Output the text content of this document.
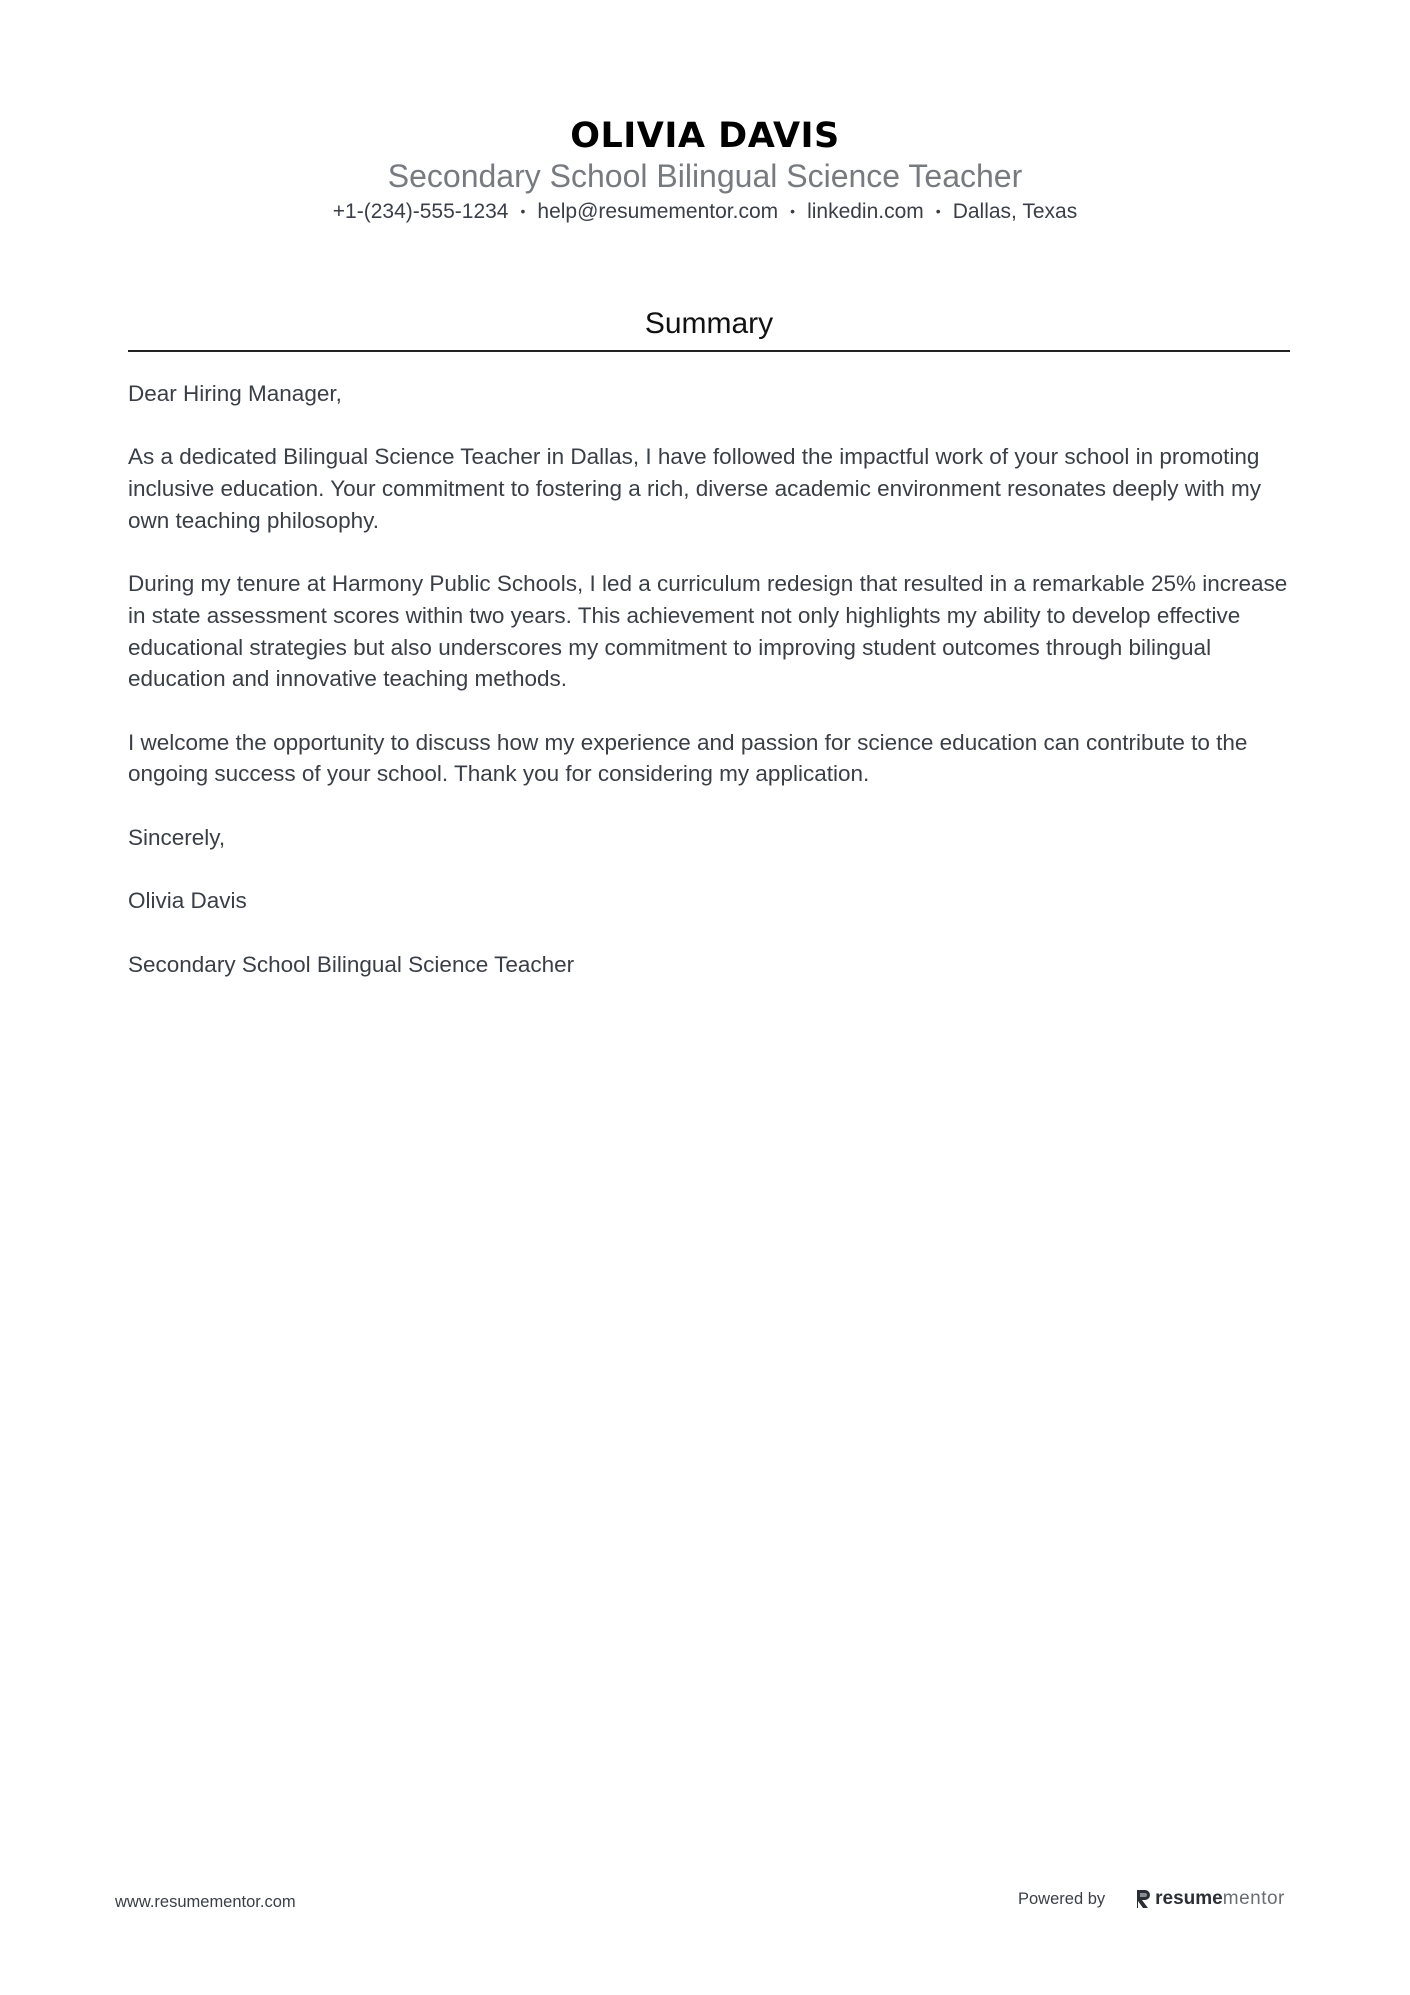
OLIVIA DAVIS
Secondary School Bilingual Science Teacher
+1-(234)-555-1234 • help@resumementor.com • linkedin.com • Dallas, Texas
Summary

Dear Hiring Manager,

As a dedicated Bilingual Science Teacher in Dallas, I have followed the impactful work of your school in promoting inclusive education. Your commitment to fostering a rich, diverse academic environment resonates deeply with my own teaching philosophy.

During my tenure at Harmony Public Schools, I led a curriculum redesign that resulted in a remarkable 25% increase in state assessment scores within two years. This achievement not only highlights my ability to develop effective educational strategies but also underscores my commitment to improving student outcomes through bilingual education and innovative teaching methods.

I welcome the opportunity to discuss how my experience and passion for science education can contribute to the ongoing success of your school. Thank you for considering my application.

Sincerely,

Olivia Davis

Secondary School Bilingual Science Teacher

www.resumementor.com	Powered by	resume mentor
